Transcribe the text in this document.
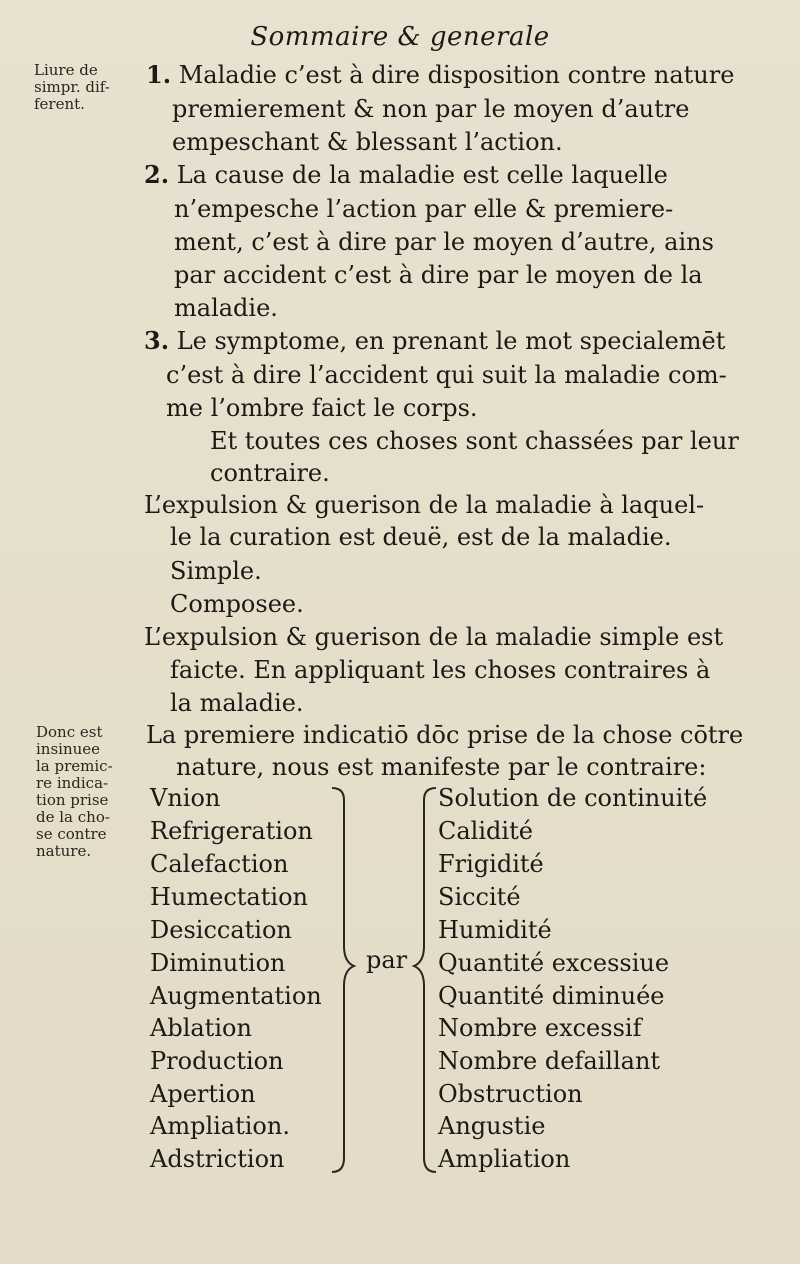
Sommaire & generale
Liure de
simpr. dif-
ferent.
1. Maladie c’est à dire disposition contre nature
premierement & non par le moyen d’autre
empeschant & blessant l’action.
2. La cause de la maladie est celle laquelle
n’empesche l’action par elle & premiere-
ment, c’est à dire par le moyen d’autre, ains
par accident c’est à dire par le moyen de la
maladie.
3. Le symptome, en prenant le mot specialemēt
c’est à dire l’accident qui suit la maladie com-
me l’ombre faict le corps.
Et toutes ces choses sont chassées par leur
contraire.
L’expulsion & guerison de la maladie à laquel-
le la curation est deuë, est de la maladie.
Simple.
Composee.
L’expulsion & guerison de la maladie simple est
faicte. En appliquant les choses contraires à
la maladie.
Donc est
insinuee
la premic-
re indica-
tion prise
de la cho-
se contre
nature.
La premiere indicatiō dōc prise de la chose cōtre
nature, nous est manifeste par le contraire:
Vnion
Refrigeration
Calefaction
Humectation
Desiccation
Diminution
Augmentation
Ablation
Production
Apertion
Ampliation.
Adstriction
par
Solution de continuité
Calidité
Frigidité
Siccité
Humidité
Quantité excessiue
Quantité diminuée
Nombre excessif
Nombre defaillant
Obstruction
Angustie
Ampliation
